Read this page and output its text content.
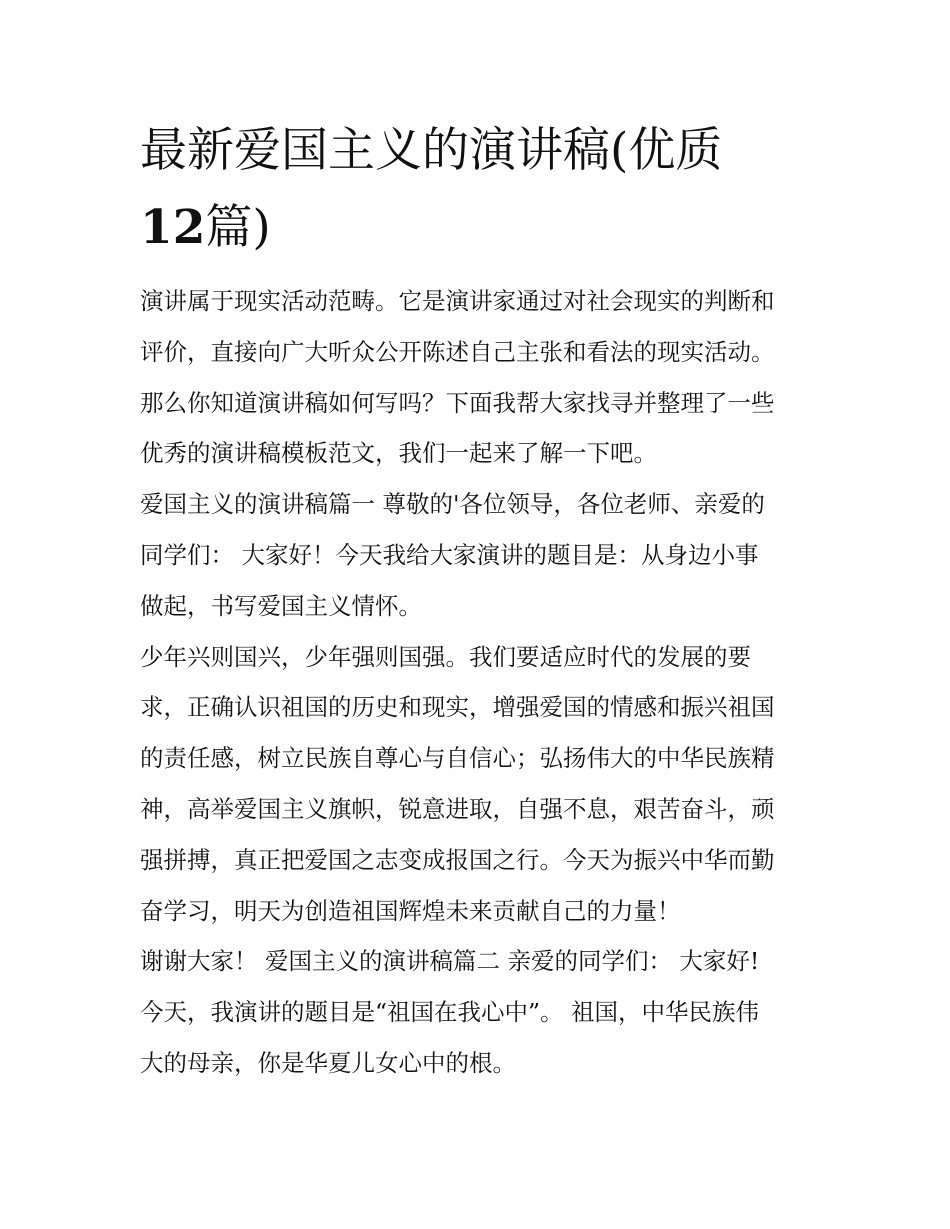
最新爱国主义的演讲稿(优质
12篇)

演讲属于现实活动范畴。它是演讲家通过对社会现实的判断和
评价，直接向广大听众公开陈述自己主张和看法的现实活动。
那么你知道演讲稿如何写吗？下面我帮大家找寻并整理了一些
优秀的演讲稿模板范文，我们一起来了解一下吧。

爱国主义的演讲稿篇一 尊敬的'各位领导，各位老师、亲爱的
同学们： 大家好！今天我给大家演讲的题目是：从身边小事
做起，书写爱国主义情怀。

少年兴则国兴，少年强则国强。我们要适应时代的发展的要
求，正确认识祖国的历史和现实，增强爱国的情感和振兴祖国
的责任感，树立民族自尊心与自信心；弘扬伟大的中华民族精
神，高举爱国主义旗帜，锐意进取，自强不息，艰苦奋斗，顽
强拼搏，真正把爱国之志变成报国之行。今天为振兴中华而勤
奋学习，明天为创造祖国辉煌未来贡献自己的力量！

谢谢大家！ 爱国主义的演讲稿篇二 亲爱的同学们： 大家好!
今天，我演讲的题目是“祖国在我心中”。 祖国，中华民族伟
大的母亲，你是华夏儿女心中的根。
